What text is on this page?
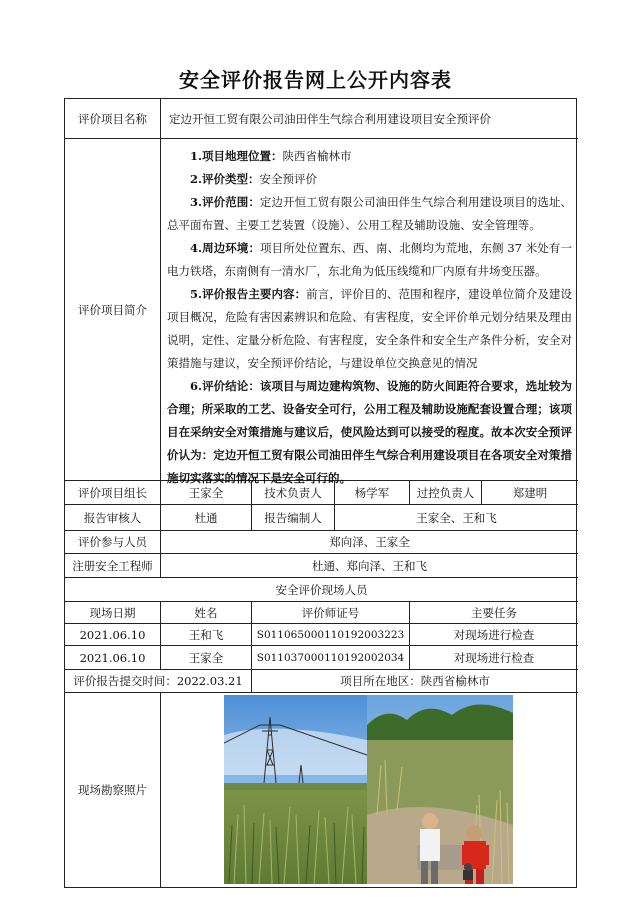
安全评价报告网上公开内容表
评价项目名称	定边开恒工贸有限公司油田伴生气综合利用建设项目安全预评价
评价项目简介

1.项目地理位置：陕西省榆林市

2.评价类型：安全预评价

3.评价范围：定边开恒工贸有限公司油田伴生气综合利用建设项目的选址、总平面布置、主要工艺装置（设施）、公用工程及辅助设施、安全管理等。

4.周边环境：项目所处位置东、西、南、北侧均为荒地，东侧 37 米处有一电力铁塔，东南侧有一清水厂，东北角为低压线缆和厂内原有井场变压器。

5.评价报告主要内容：前言，评价目的、范围和程序，建设单位简介及建设项目概况，危险有害因素辨识和危险、有害程度，安全评价单元划分结果及理由说明，定性、定量分析危险、有害程度，安全条件和安全生产条件分析，安全对策措施与建议，安全预评价结论，与建设单位交换意见的情况

6.评价结论：该项目与周边建构筑物、设施的防火间距符合要求，选址较为合理；所采取的工艺、设备安全可行，公用工程及辅助设施配套设置合理；该项目在采纳安全对策措施与建议后，使风险达到可以接受的程度。故本次安全预评价认为：定边开恒工贸有限公司油田伴生气综合利用建设项目在各项安全对策措施切实落实的情况下是安全可行的。

评价项目组长	王家全	技术负责人	杨学军	过控负责人	郑建明
报告审核人	杜通	报告编制人	王家全、王和飞
评价参与人员	郑向泽、王家全
注册安全工程师	杜通、郑向泽、王和飞
安全评价现场人员
现场日期	姓名	评价师证号	主要任务
2021.06.10	王和飞	S011065000110192003223	对现场进行检查
2021.06.10	王家全	S011037000110192002034	对现场进行检查
评价报告提交时间：2022.03.21	项目所在地区：陕西省榆林市
现场勘察照片
